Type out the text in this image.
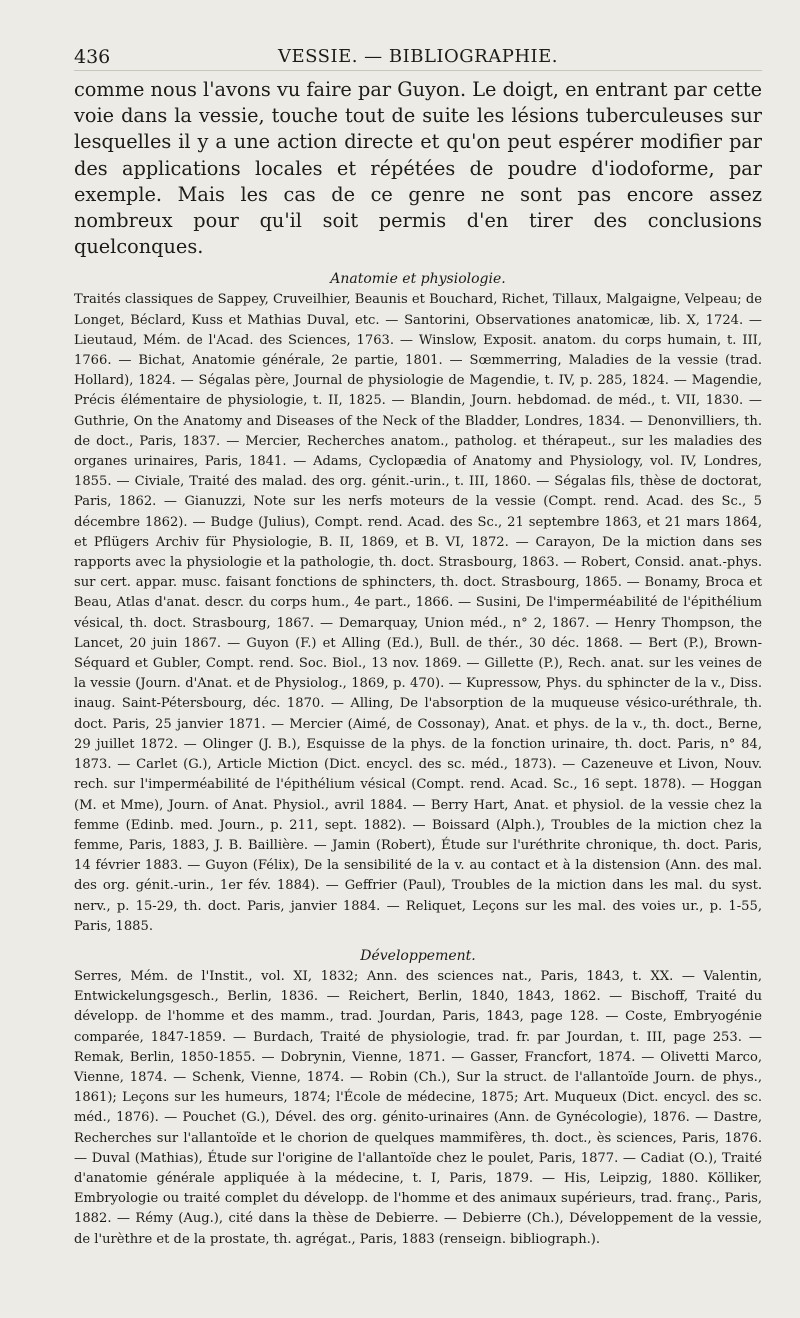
436	VESSIE. — BIBLIOGRAPHIE.

comme nous l'avons vu faire par Guyon. Le doigt, en entrant par cette voie dans la vessie, touche tout de suite les lésions tuberculeuses sur lesquelles il y a une action directe et qu'on peut espérer modifier par des applications locales et répétées de poudre d'iodoforme, par exemple. Mais les cas de ce genre ne sont pas encore assez nombreux pour qu'il soit permis d'en tirer des conclusions quelconques.

Anatomie et physiologie.

Traités classiques de Sappey, Cruveilhier, Beaunis et Bouchard, Richet, Tillaux, Malgaigne, Velpeau; de Longet, Béclard, Kuss et Mathias Duval, etc. — Santorini, Observationes anatomicæ, lib. X, 1724. — Lieutaud, Mém. de l'Acad. des Sciences, 1763. — Winslow, Exposit. anatom. du corps humain, t. III, 1766. — Bichat, Anatomie générale, 2e partie, 1801. — Sœmmerring, Maladies de la vessie (trad. Hollard), 1824. — Ségalas père, Journal de physiologie de Magendie, t. IV, p. 285, 1824. — Magendie, Précis élémentaire de physiologie, t. II, 1825. — Blandin, Journ. hebdomad. de méd., t. VII, 1830. — Guthrie, On the Anatomy and Diseases of the Neck of the Bladder, Londres, 1834. — Denonvilliers, th. de doct., Paris, 1837. — Mercier, Recherches anatom., patholog. et thérapeut., sur les maladies des organes urinaires, Paris, 1841. — Adams, Cyclopædia of Anatomy and Physiology, vol. IV, Londres, 1855. — Civiale, Traité des malad. des org. génit.-urin., t. III, 1860. — Ségalas fils, thèse de doctorat, Paris, 1862. — Gianuzzi, Note sur les nerfs moteurs de la vessie (Compt. rend. Acad. des Sc., 5 décembre 1862). — Budge (Julius), Compt. rend. Acad. des Sc., 21 septembre 1863, et 21 mars 1864, et Pflügers Archiv für Physiologie, B. II, 1869, et B. VI, 1872. — Carayon, De la miction dans ses rapports avec la physiologie et la pathologie, th. doct. Strasbourg, 1863. — Robert, Consid. anat.-phys. sur cert. appar. musc. faisant fonctions de sphincters, th. doct. Strasbourg, 1865. — Bonamy, Broca et Beau, Atlas d'anat. descr. du corps hum., 4e part., 1866. — Susini, De l'imperméabilité de l'épithélium vésical, th. doct. Strasbourg, 1867. — Demarquay, Union méd., n° 2, 1867. — Henry Thompson, the Lancet, 20 juin 1867. — Guyon (F.) et Alling (Ed.), Bull. de thér., 30 déc. 1868. — Bert (P.), Brown-Séquard et Gubler, Compt. rend. Soc. Biol., 13 nov. 1869. — Gillette (P.), Rech. anat. sur les veines de la vessie (Journ. d'Anat. et de Physiolog., 1869, p. 470). — Kupressow, Phys. du sphincter de la v., Diss. inaug. Saint-Pétersbourg, déc. 1870. — Alling, De l'absorption de la muqueuse vésico-uréthrale, th. doct. Paris, 25 janvier 1871. — Mercier (Aimé, de Cossonay), Anat. et phys. de la v., th. doct., Berne, 29 juillet 1872. — Olinger (J. B.), Esquisse de la phys. de la fonction urinaire, th. doct. Paris, n° 84, 1873. — Carlet (G.), Article Miction (Dict. encycl. des sc. méd., 1873). — Cazeneuve et Livon, Nouv. rech. sur l'imperméabilité de l'épithélium vésical (Compt. rend. Acad. Sc., 16 sept. 1878). — Hoggan (M. et Mme), Journ. of Anat. Physiol., avril 1884. — Berry Hart, Anat. et physiol. de la vessie chez la femme (Edinb. med. Journ., p. 211, sept. 1882). — Boissard (Alph.), Troubles de la miction chez la femme, Paris, 1883, J. B. Baillière. — Jamin (Robert), Étude sur l'uréthrite chronique, th. doct. Paris, 14 février 1883. — Guyon (Félix), De la sensibilité de la v. au contact et à la distension (Ann. des mal. des org. génit.-urin., 1er fév. 1884). — Geffrier (Paul), Troubles de la miction dans les mal. du syst. nerv., p. 15-29, th. doct. Paris, janvier 1884. — Reliquet, Leçons sur les mal. des voies ur., p. 1-55, Paris, 1885.

Développement.

Serres, Mém. de l'Instit., vol. XI, 1832; Ann. des sciences nat., Paris, 1843, t. XX. — Valentin, Entwickelungsgesch., Berlin, 1836. — Reichert, Berlin, 1840, 1843, 1862. — Bischoff, Traité du développ. de l'homme et des mamm., trad. Jourdan, Paris, 1843, page 128. — Coste, Embryogénie comparée, 1847-1859. — Burdach, Traité de physiologie, trad. fr. par Jourdan, t. III, page 253. — Remak, Berlin, 1850-1855. — Dobrynin, Vienne, 1871. — Gasser, Francfort, 1874. — Olivetti Marco, Vienne, 1874. — Schenk, Vienne, 1874. — Robin (Ch.), Sur la struct. de l'allantoïde Journ. de phys., 1861); Leçons sur les humeurs, 1874; l'École de médecine, 1875; Art. Muqueux (Dict. encycl. des sc. méd., 1876). — Pouchet (G.), Dével. des org. génito-urinaires (Ann. de Gynécologie), 1876. — Dastre, Recherches sur l'allantoïde et le chorion de quelques mammifères, th. doct., ès sciences, Paris, 1876. — Duval (Mathias), Étude sur l'origine de l'allantoïde chez le poulet, Paris, 1877. — Cadiat (O.), Traité d'anatomie générale appliquée à la médecine, t. I, Paris, 1879. — His, Leipzig, 1880. Kölliker, Embryologie ou traité complet du développ. de l'homme et des animaux supérieurs, trad. franç., Paris, 1882. — Rémy (Aug.), cité dans la thèse de Debierre. — Debierre (Ch.), Développement de la vessie, de l'urèthre et de la prostate, th. agrégat., Paris, 1883 (renseign. bibliograph.).
